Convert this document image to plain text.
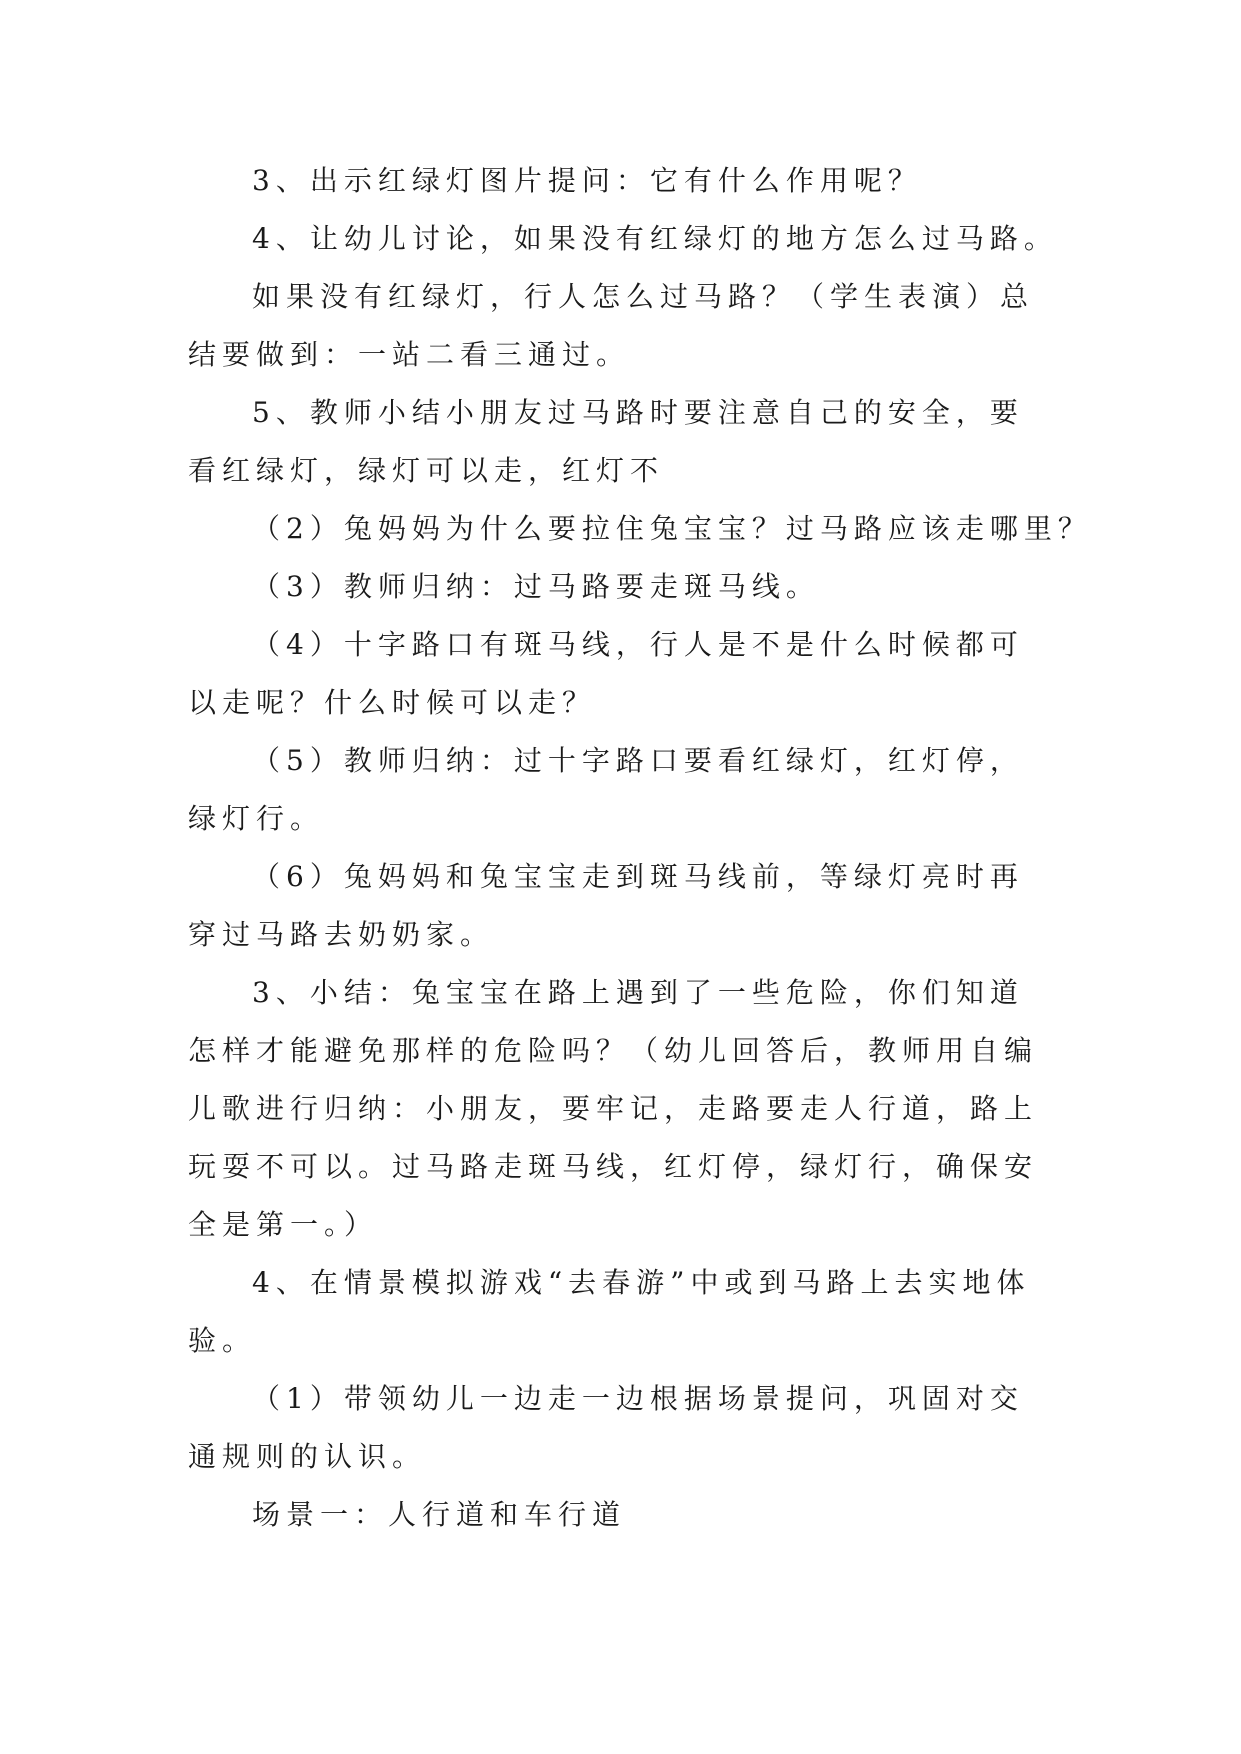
3、出示红绿灯图片提问：它有什么作用呢？

4、让幼儿讨论，如果没有红绿灯的地方怎么过马路。

如果没有红绿灯，行人怎么过马路？（学生表演）总结要做到：一站二看三通过。

5、教师小结小朋友过马路时要注意自己的安全，要看红绿灯，绿灯可以走，红灯不

（2）兔妈妈为什么要拉住兔宝宝？过马路应该走哪里？

（3）教师归纳：过马路要走斑马线。

（4）十字路口有斑马线，行人是不是什么时候都可以走呢？什么时候可以走？

（5）教师归纳：过十字路口要看红绿灯，红灯停，绿灯行。

（6）兔妈妈和兔宝宝走到斑马线前，等绿灯亮时再穿过马路去奶奶家。

3、小结：兔宝宝在路上遇到了一些危险，你们知道怎样才能避免那样的危险吗？（幼儿回答后，教师用自编儿歌进行归纳：小朋友，要牢记，走路要走人行道，路上玩耍不可以。过马路走斑马线，红灯停，绿灯行，确保安全是第一。）

4、在情景模拟游戏“去春游”中或到马路上去实地体验。

（1）带领幼儿一边走一边根据场景提问，巩固对交通规则的认识。

场景一：人行道和车行道
